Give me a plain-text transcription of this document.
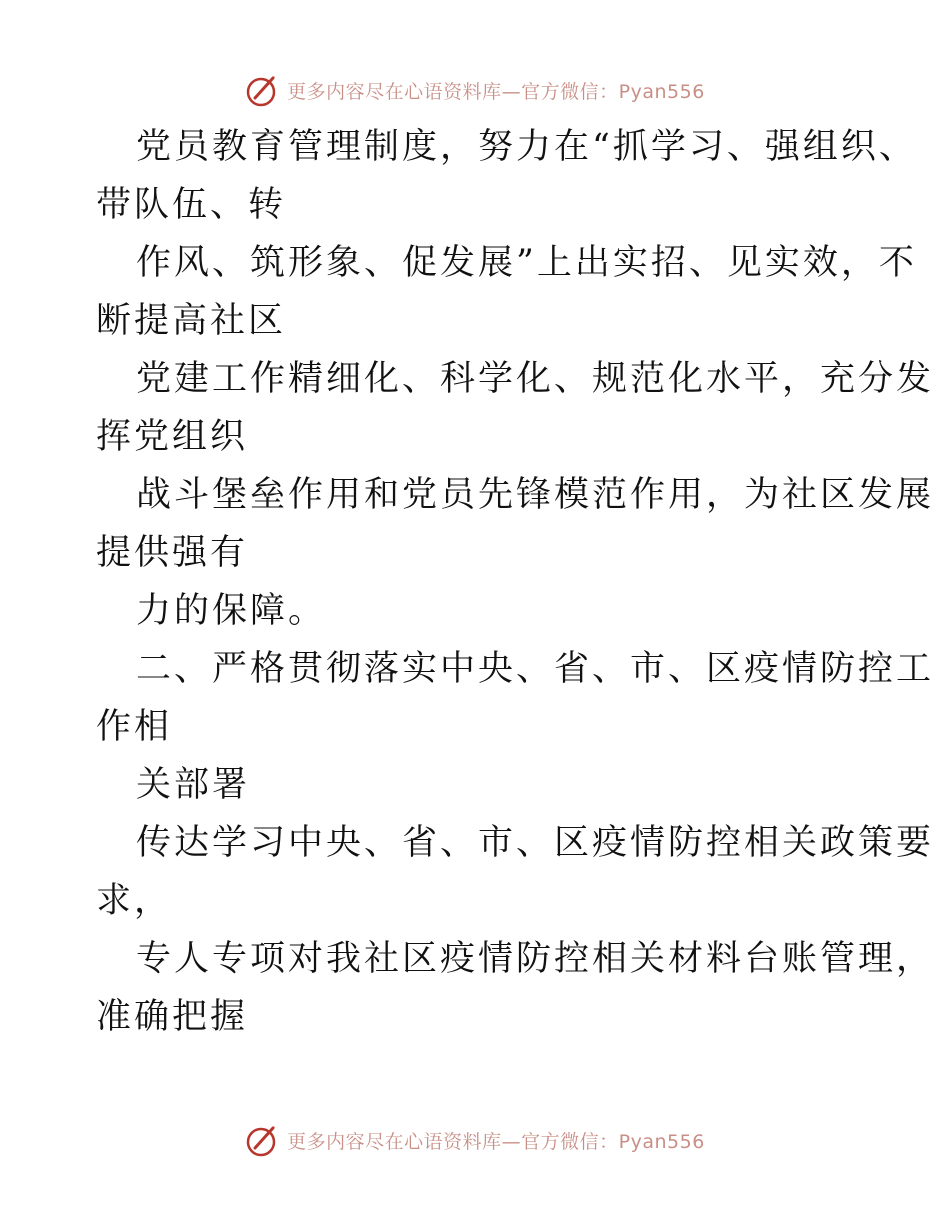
更多内容尽在心语资料库—官方微信：Pyan556
党员教育管理制度，努力在“抓学习、强组织、
带队伍、转
作风、筑形象、促发展”上出实招、见实效，不
断提高社区
党建工作精细化、科学化、规范化水平，充分发
挥党组织
战斗堡垒作用和党员先锋模范作用，为社区发展
提供强有
力的保障。
二、严格贯彻落实中央、省、市、区疫情防控工
作相
关部署
传达学习中央、省、市、区疫情防控相关政策要
求，
专人专项对我社区疫情防控相关材料台账管理，
准确把握
更多内容尽在心语资料库—官方微信：Pyan556
